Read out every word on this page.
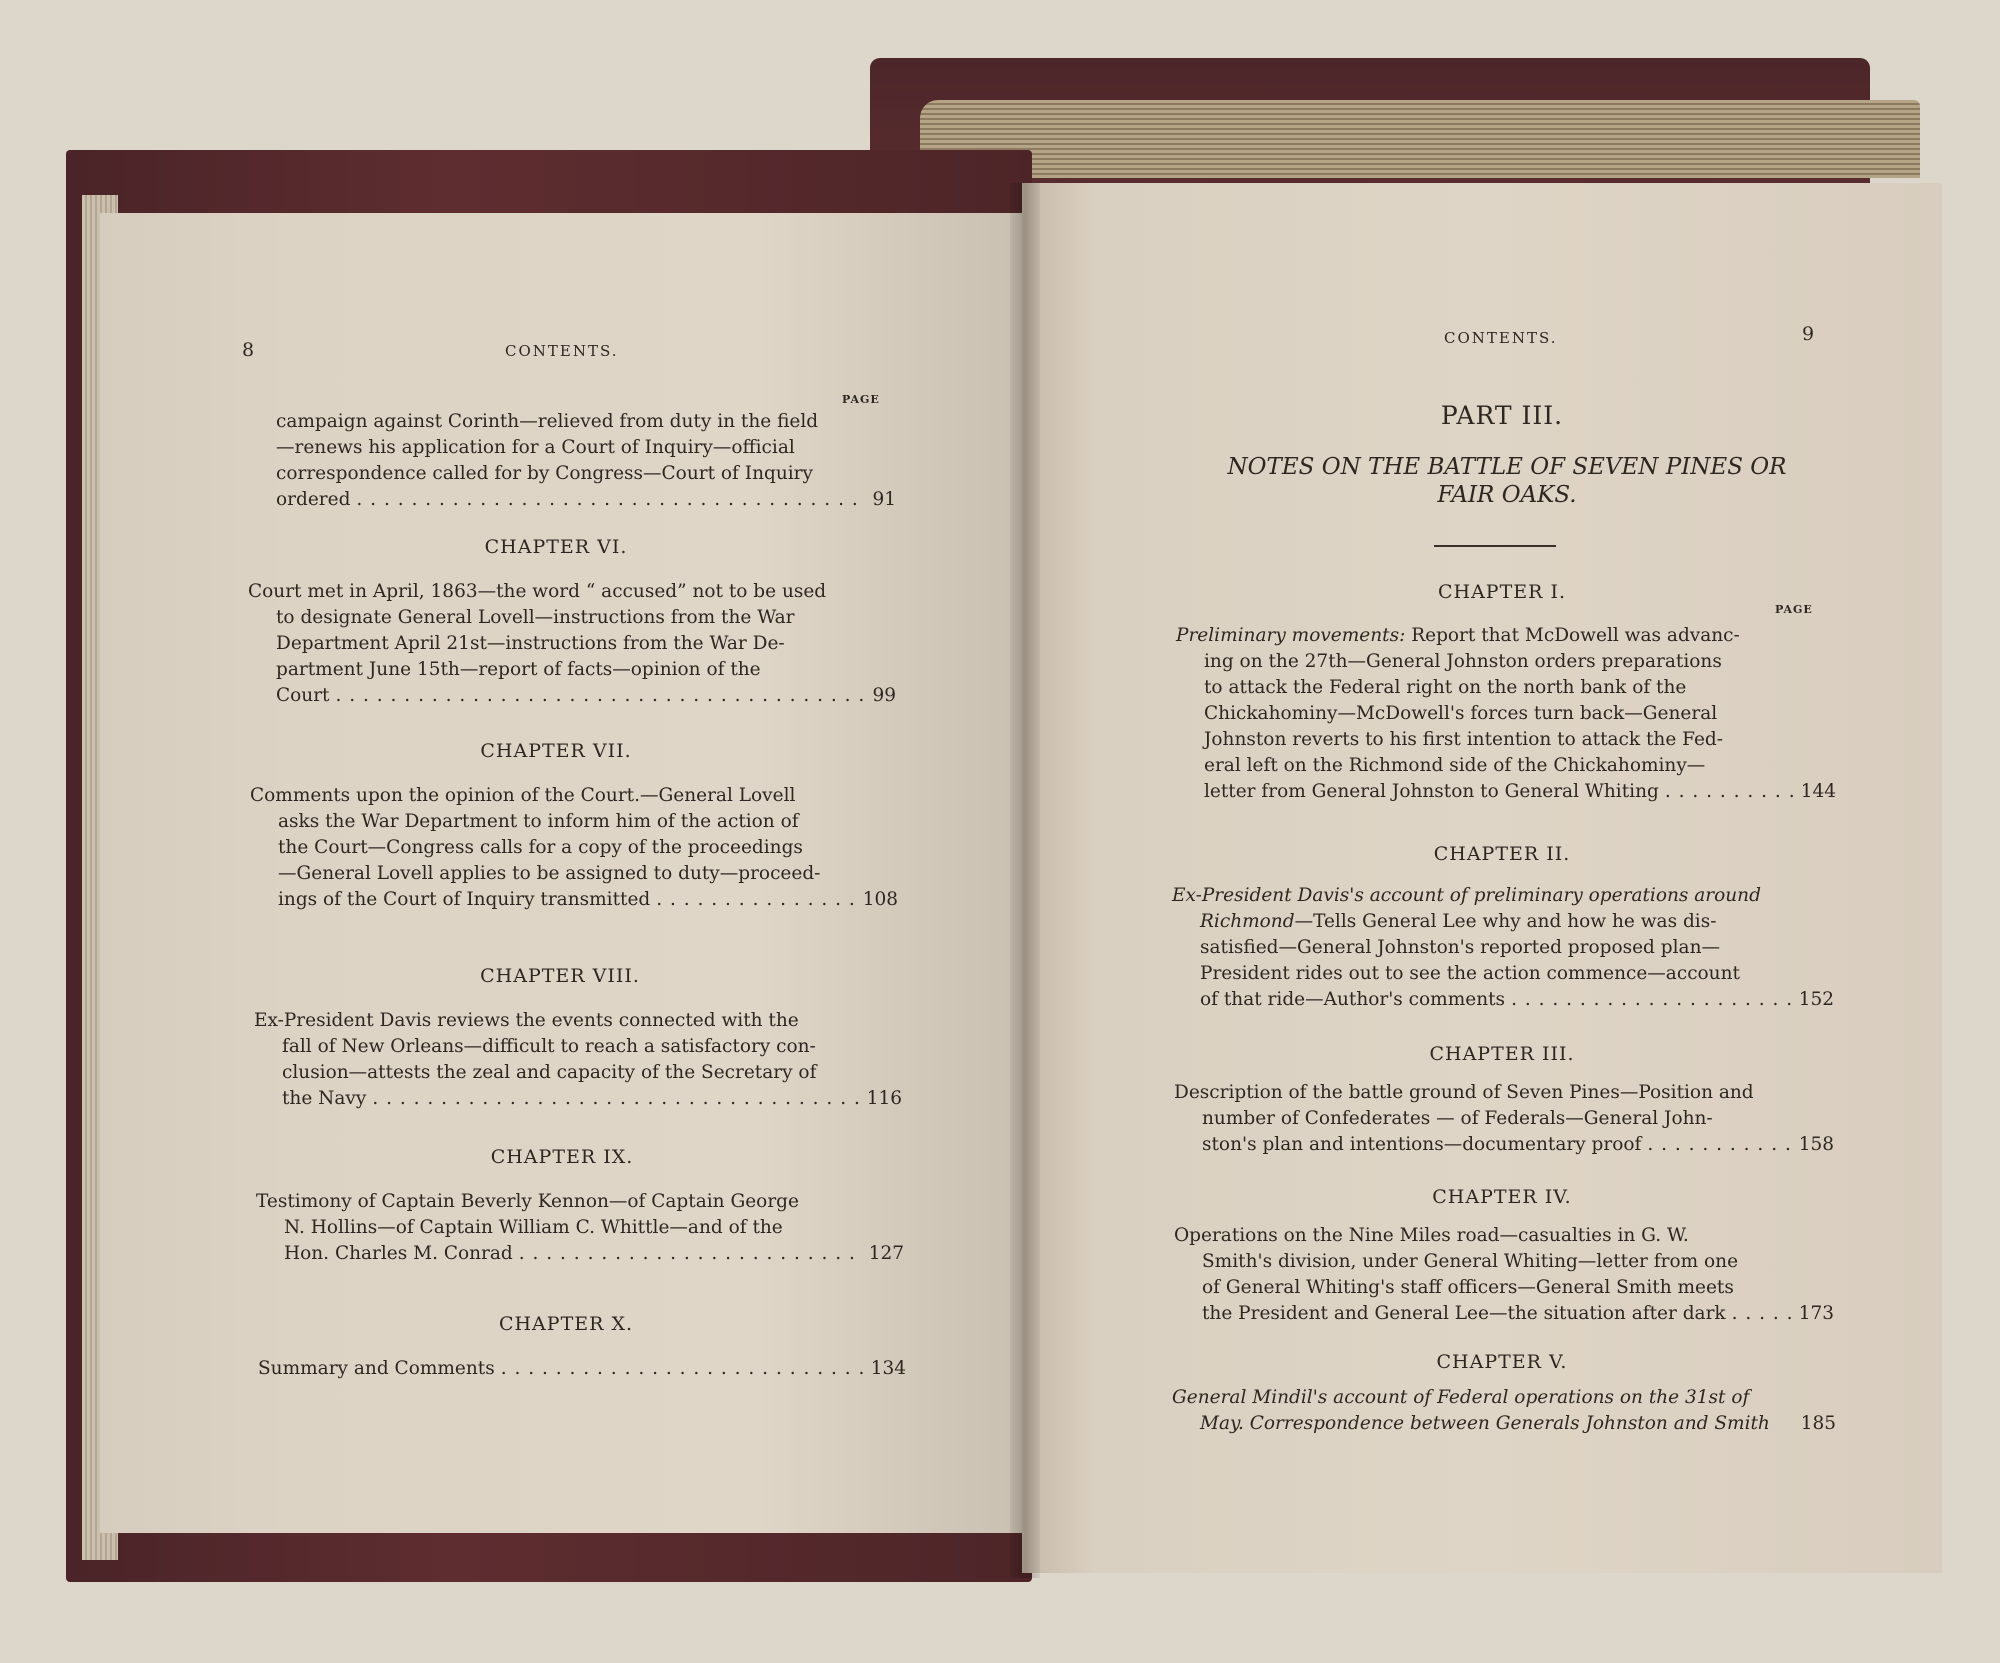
8	CONTENTS.
PAGE
campaign against Corinth—relieved from duty in the field
—renews his application for a Court of Inquiry—official
correspondence called for by Congress—Court of Inquiry
ordered . . .	91
CHAPTER VI.
Court met in April, 1863—the word “ accused” not to be used
to designate General Lovell—instructions from the War
Department April 21st—instructions from the War De-
partment June 15th—report of facts—opinion of the
Court . . .	99
CHAPTER VII.
Comments upon the opinion of the Court.—General Lovell
asks the War Department to inform him of the action of
the Court—Congress calls for a copy of the proceedings
—General Lovell applies to be assigned to duty—proceed-
ings of the Court of Inquiry transmitted . . .	108
CHAPTER VIII.
Ex-President Davis reviews the events connected with the
fall of New Orleans—difficult to reach a satisfactory con-
clusion—attests the zeal and capacity of the Secretary of
the Navy . . .	116
CHAPTER IX.
Testimony of Captain Beverly Kennon—of Captain George
N. Hollins—of Captain William C. Whittle—and of the
Hon. Charles M. Conrad . . .	127
CHAPTER X.
Summary and Comments . . .	134
CONTENTS.	9
PART III.
NOTES ON THE BATTLE OF SEVEN PINES OR
FAIR OAKS.
CHAPTER I.
PAGE
Preliminary movements: Report that McDowell was advanc-
ing on the 27th—General Johnston orders preparations
to attack the Federal right on the north bank of the
Chickahominy—McDowell's forces turn back—General
Johnston reverts to his first intention to attack the Fed-
eral left on the Richmond side of the Chickahominy—
letter from General Johnston to General Whiting . . .	144
CHAPTER II.
Ex-President Davis's account of preliminary operations around
Richmond—Tells General Lee why and how he was dis-
satisfied—General Johnston's reported proposed plan—
President rides out to see the action commence—account
of that ride—Author's comments . . .	152
CHAPTER III.
Description of the battle ground of Seven Pines—Position and
number of Confederates — of Federals—General John-
ston's plan and intentions—documentary proof . . .	158
CHAPTER IV.
Operations on the Nine Miles road—casualties in G. W.
Smith's division, under General Whiting—letter from one
of General Whiting's staff officers—General Smith meets
the President and General Lee—the situation after dark . . .	173
CHAPTER V.
General Mindil's account of Federal operations on the 31st of
May. Correspondence between Generals Johnston and Smith 185
